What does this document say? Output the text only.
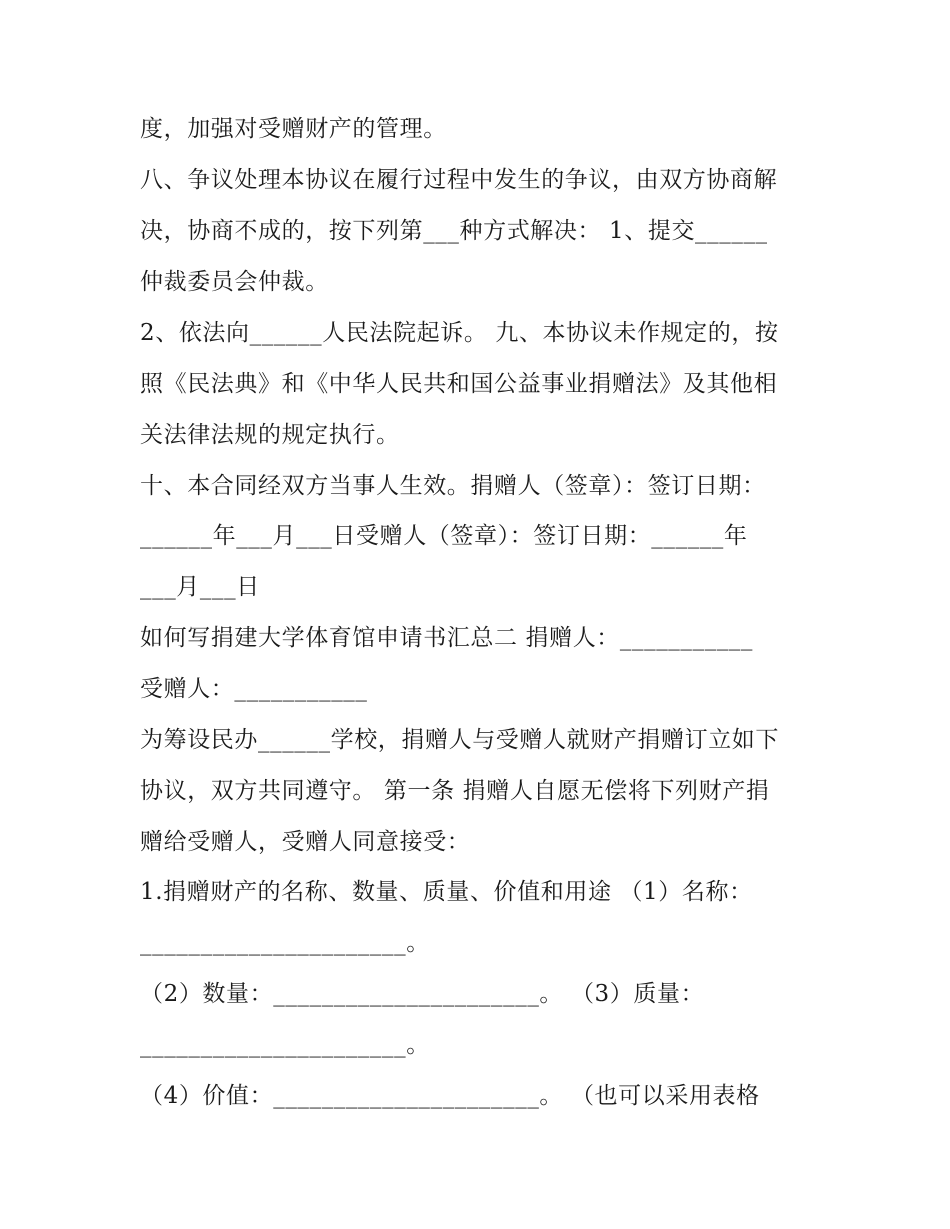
度，加强对受赠财产的管理。
八、争议处理本协议在履行过程中发生的争议，由双方协商解
决，协商不成的，按下列第___种方式解决： 1、提交______
仲裁委员会仲裁。
2、依法向______人民法院起诉。 九、本协议未作规定的，按
照《民法典》和《中华人民共和国公益事业捐赠法》及其他相
关法律法规的规定执行。
十、本合同经双方当事人生效。捐赠人（签章）：签订日期：
______年___月___日受赠人（签章）：签订日期：______年
___月___日
如何写捐建大学体育馆申请书汇总二 捐赠人：___________
受赠人：___________
为筹设民办______学校，捐赠人与受赠人就财产捐赠订立如下
协议，双方共同遵守。 第一条 捐赠人自愿无偿将下列财产捐
赠给受赠人，受赠人同意接受：
1.捐赠财产的名称、数量、质量、价值和用途 （1）名称：
______________________。
（2）数量：______________________。 （3）质量：
______________________。
（4）价值：______________________。 （也可以采用表格
